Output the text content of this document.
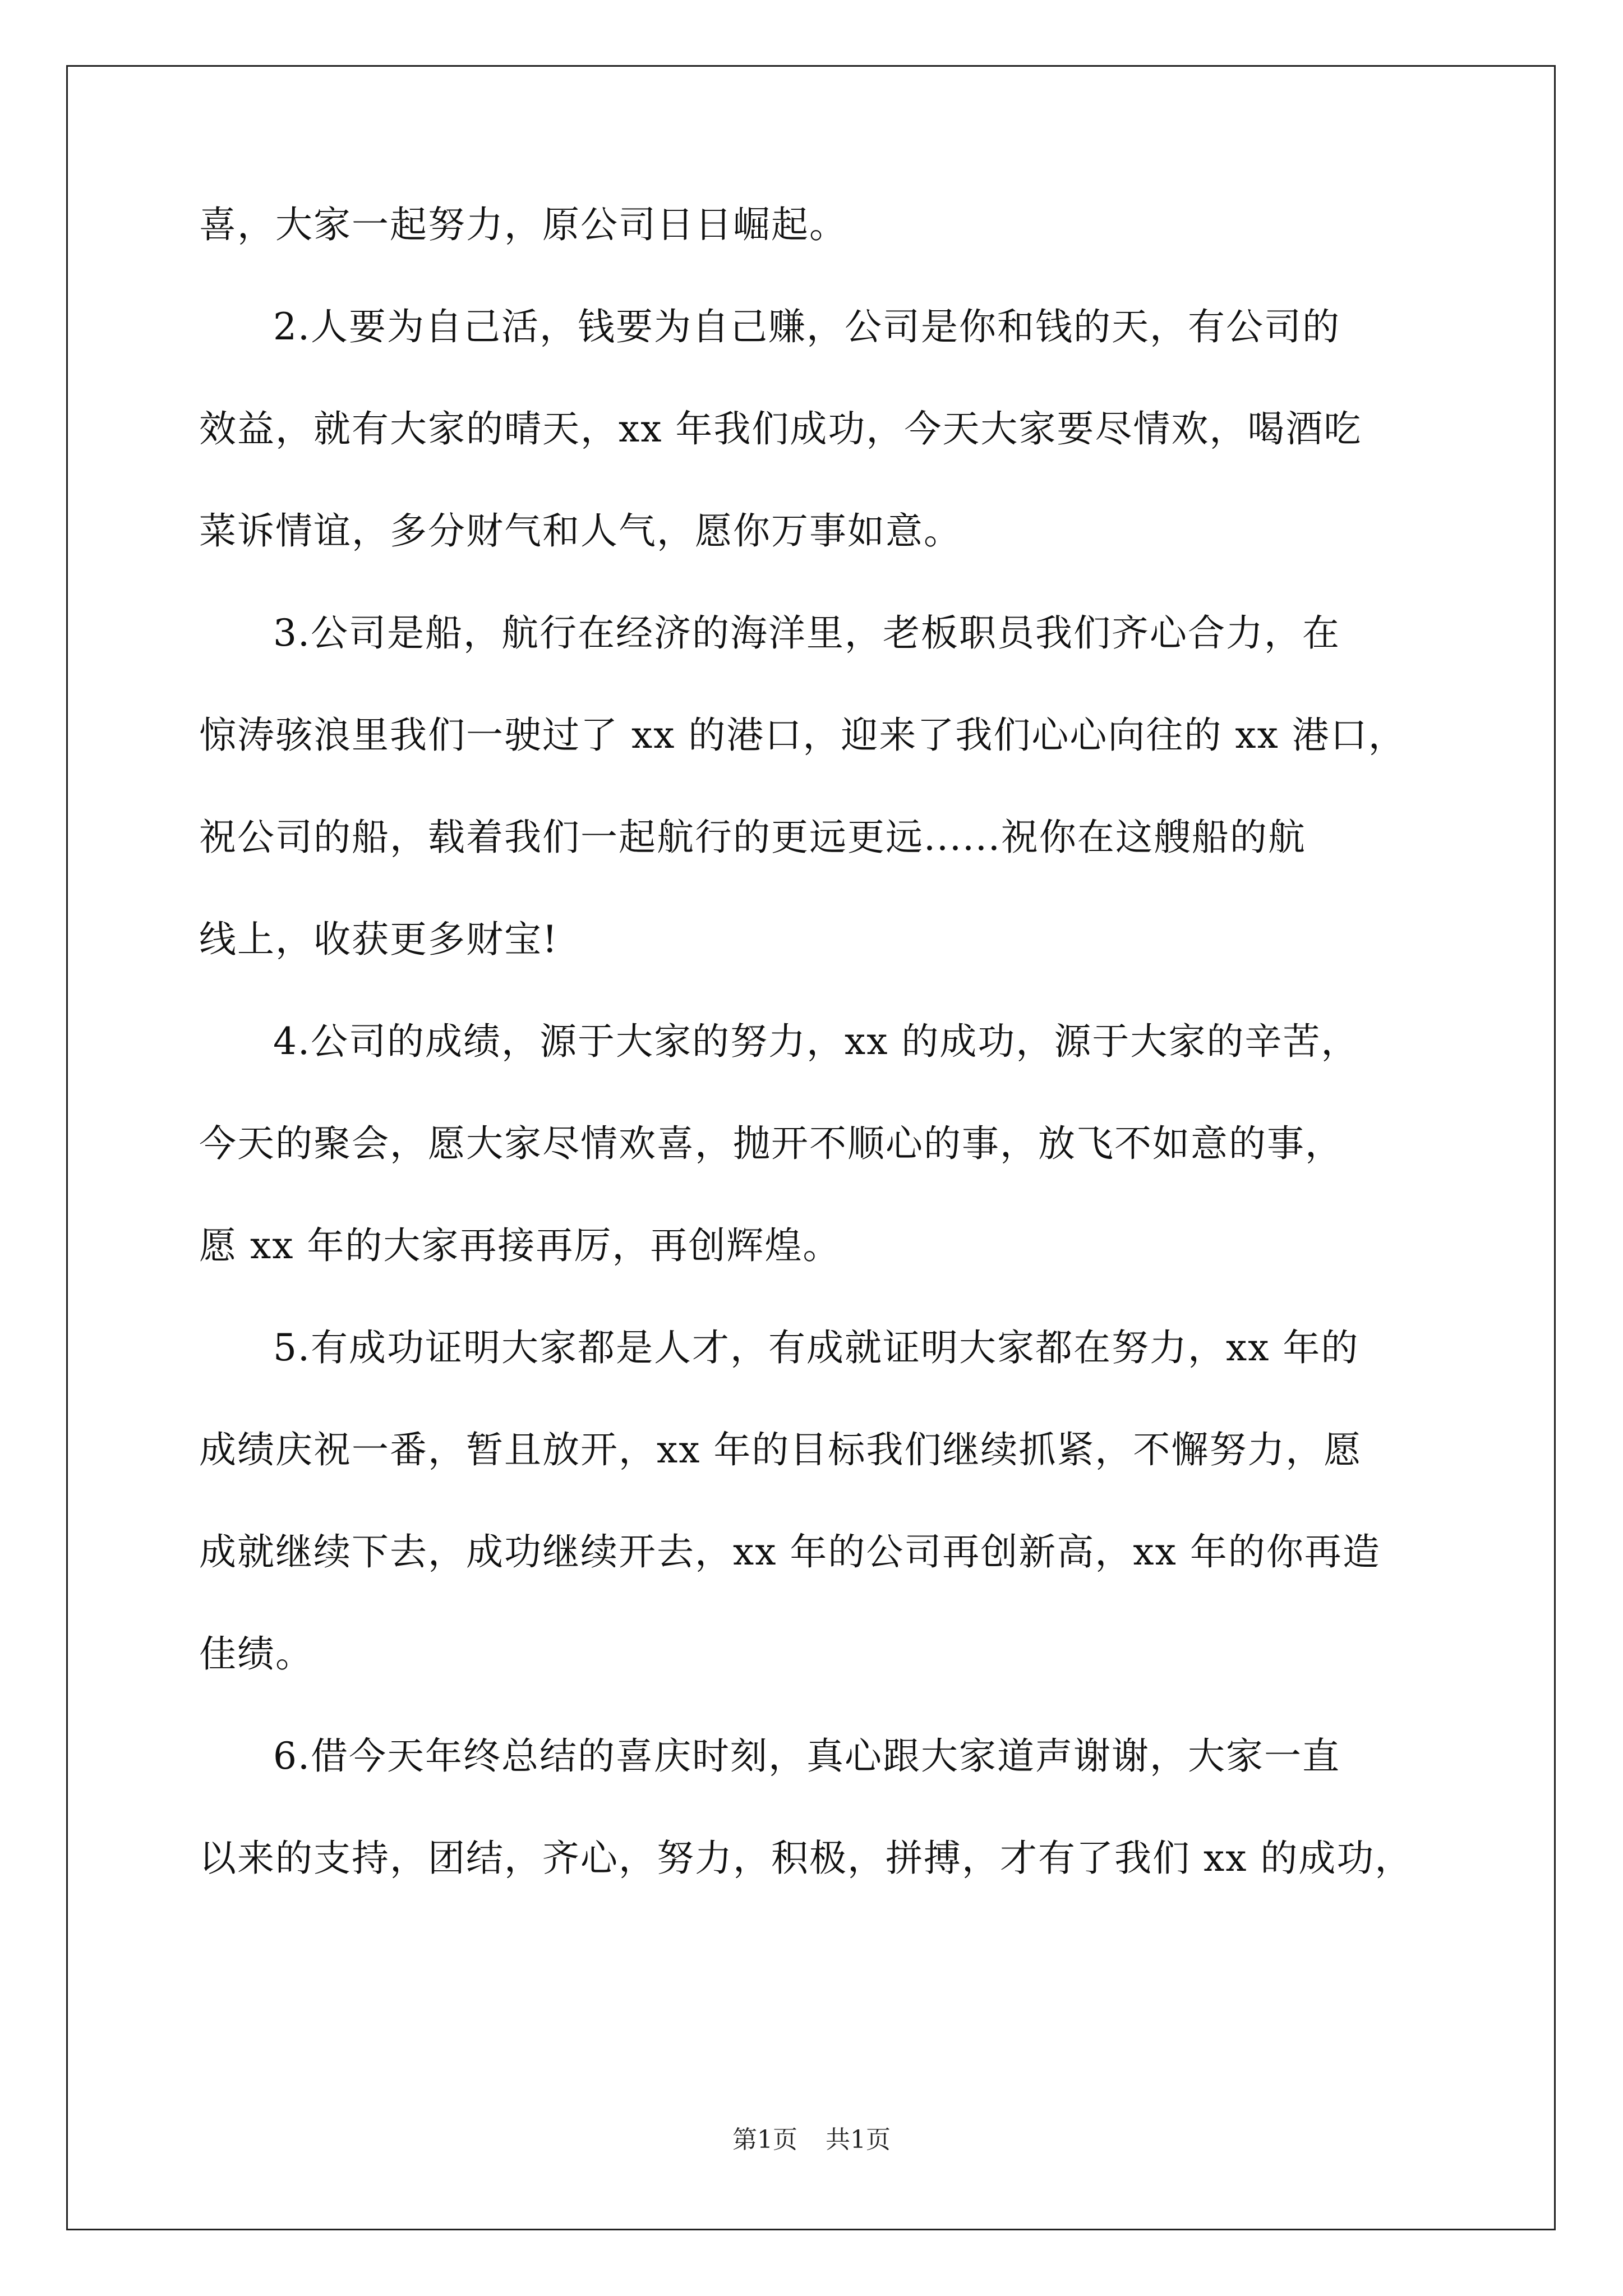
喜，大家一起努力，原公司日日崛起。

2.人要为自己活，钱要为自己赚，公司是你和钱的天，有公司的

效益，就有大家的晴天，xx 年我们成功，今天大家要尽情欢，喝酒吃

菜诉情谊，多分财气和人气，愿你万事如意。

3.公司是船，航行在经济的海洋里，老板职员我们齐心合力，在

惊涛骇浪里我们一驶过了 xx 的港口，迎来了我们心心向往的 xx 港口，

祝公司的船，载着我们一起航行的更远更远......祝你在这艘船的航

线上，收获更多财宝!

4.公司的成绩，源于大家的努力，xx 的成功，源于大家的辛苦，

今天的聚会，愿大家尽情欢喜，抛开不顺心的事，放飞不如意的事，

愿 xx 年的大家再接再厉，再创辉煌。

5.有成功证明大家都是人才，有成就证明大家都在努力，xx 年的

成绩庆祝一番，暂且放开，xx 年的目标我们继续抓紧，不懈努力，愿

成就继续下去，成功继续开去，xx 年的公司再创新高，xx 年的你再造

佳绩。

6.借今天年终总结的喜庆时刻，真心跟大家道声谢谢，大家一直

以来的支持，团结，齐心，努力，积极，拼搏，才有了我们 xx 的成功，

第1页 共1页
